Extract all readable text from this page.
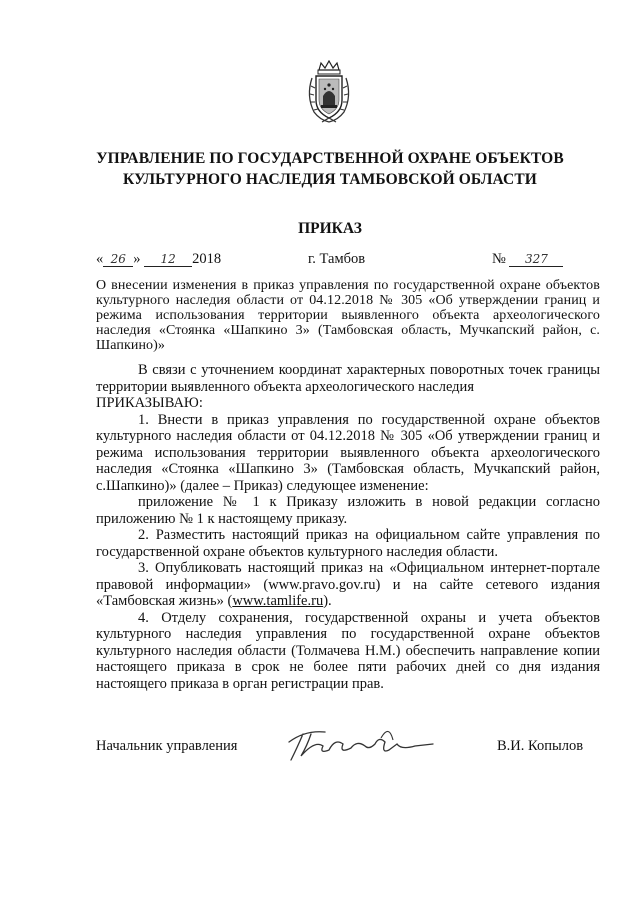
УПРАВЛЕНИЕ ПО ГОСУДАРСТВЕННОЙ ОХРАНЕ ОБЪЕКТОВ КУЛЬТУРНОГО НАСЛЕДИЯ ТАМБОВСКОЙ ОБЛАСТИ
ПРИКАЗ
« 26 » 12 2018	г. Тамбов	№ 327
О внесении изменения в приказ управления по государственной охране объектов культурного наследия области от 04.12.2018 № 305 «Об утверждении границ и режима использования территории выявленного объекта археологического наследия «Стоянка «Шапкино 3» (Тамбовская область, Мучкапский район, с. Шапкино)»

В связи с уточнением координат характерных поворотных точек границы территории выявленного объекта археологического наследия

ПРИКАЗЫВАЮ:

1. Внести в приказ управления по государственной охране объектов культурного наследия области от 04.12.2018 № 305 «Об утверждении границ и режима использования территории выявленного объекта археологического наследия «Стоянка «Шапкино 3» (Тамбовская область, Мучкапский район, с.Шапкино)» (далее – Приказ) следующее изменение:

приложение № 1 к Приказу изложить в новой редакции согласно приложению № 1 к настоящему приказу.

2. Разместить настоящий приказ на официальном сайте управления по государственной охране объектов культурного наследия области.

3. Опубликовать настоящий приказ на «Официальном интернет-портале правовой информации» (www.pravo.gov.ru) и на сайте сетевого издания «Тамбовская жизнь» (www.tamlife.ru).

4. Отделу сохранения, государственной охраны и учета объектов культурного наследия управления по государственной охране объектов культурного наследия области (Толмачева Н.М.) обеспечить направление копии настоящего приказа в срок не более пяти рабочих дней со дня издания настоящего приказа в орган регистрации прав.

Начальник управления	В.И. Копылов
